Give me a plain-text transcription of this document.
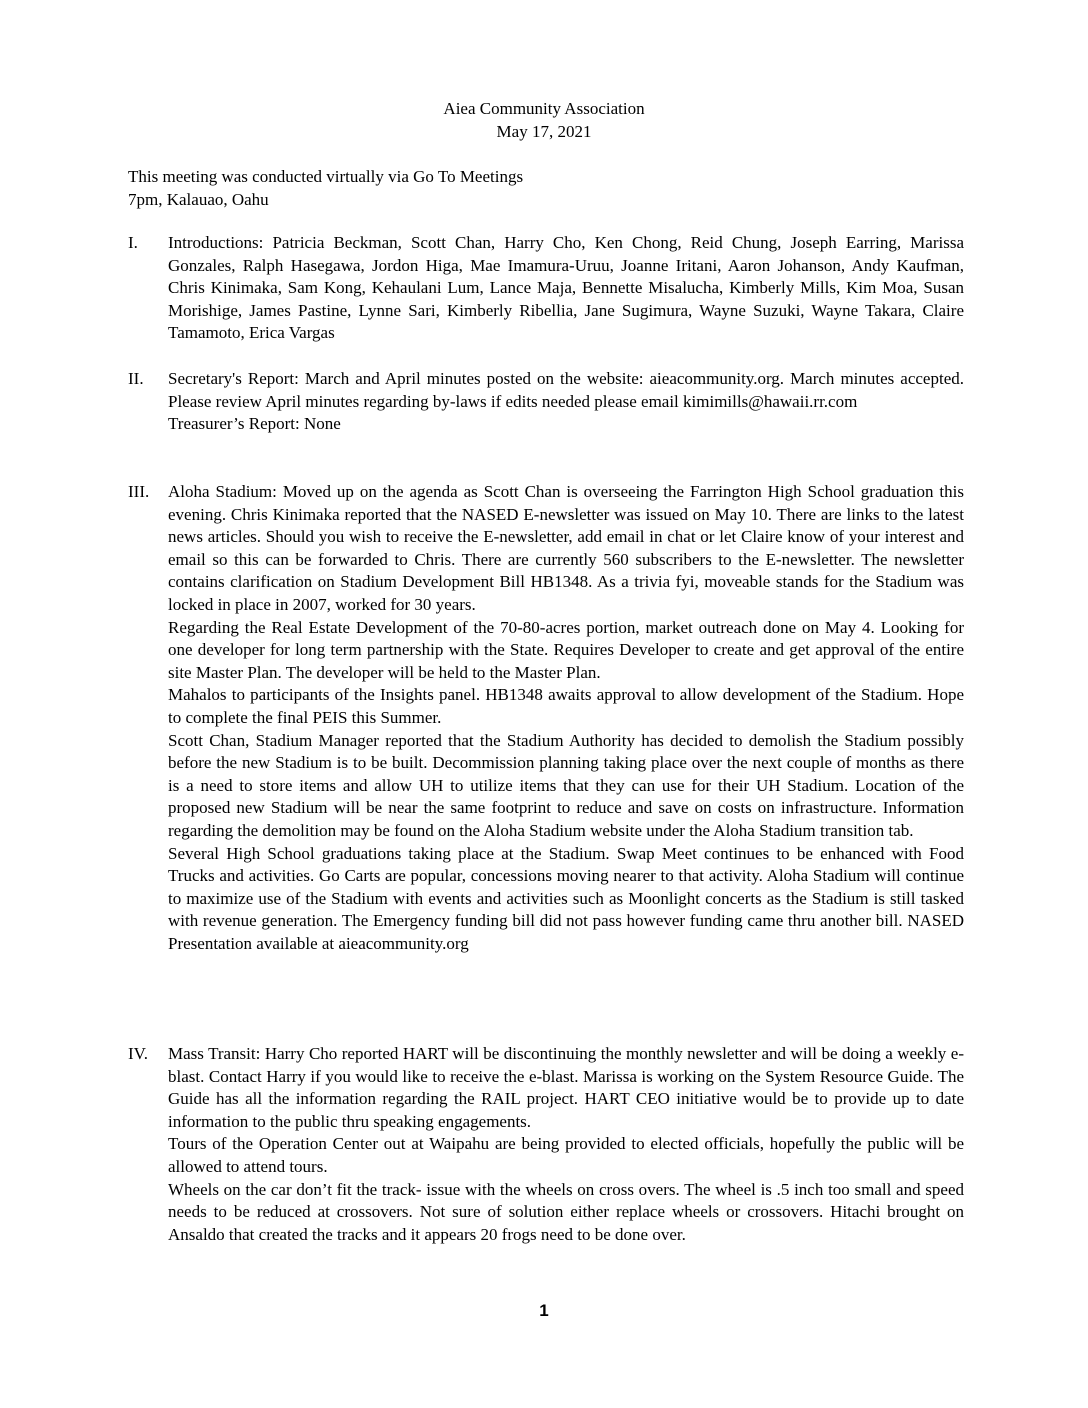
Aiea Community Association
May 17, 2021
This meeting was conducted virtually via Go To Meetings
7pm, Kalauao, Oahu
I.	Introductions: Patricia Beckman, Scott Chan, Harry Cho, Ken Chong, Reid Chung, Joseph Earring, Marissa Gonzales, Ralph Hasegawa, Jordon Higa, Mae Imamura-Uruu, Joanne Iritani, Aaron Johanson, Andy Kaufman, Chris Kinimaka, Sam Kong, Kehaulani Lum, Lance Maja, Bennette Misalucha, Kimberly Mills, Kim Moa, Susan Morishige, James Pastine, Lynne Sari, Kimberly Ribellia, Jane Sugimura, Wayne Suzuki, Wayne Takara, Claire Tamamoto, Erica Vargas

II.	Secretary's Report: March and April minutes posted on the website: aieacommunity.org. March minutes accepted. Please review April minutes regarding by-laws if edits needed please email kimimills@hawaii.rr.com

Treasurer’s Report: None

III.	Aloha Stadium: Moved up on the agenda as Scott Chan is overseeing the Farrington High School graduation this evening. Chris Kinimaka reported that the NASED E-newsletter was issued on May 10. There are links to the latest news articles. Should you wish to receive the E-newsletter, add email in chat or let Claire know of your interest and email so this can be forwarded to Chris. There are currently 560 subscribers to the E-newsletter. The newsletter contains clarification on Stadium Development Bill HB1348. As a trivia fyi, moveable stands for the Stadium was locked in place in 2007, worked for 30 years.

Regarding the Real Estate Development of the 70-80-acres portion, market outreach done on May 4. Looking for one developer for long term partnership with the State. Requires Developer to create and get approval of the entire site Master Plan. The developer will be held to the Master Plan.

Mahalos to participants of the Insights panel. HB1348 awaits approval to allow development of the Stadium. Hope to complete the final PEIS this Summer.

Scott Chan, Stadium Manager reported that the Stadium Authority has decided to demolish the Stadium possibly before the new Stadium is to be built. Decommission planning taking place over the next couple of months as there is a need to store items and allow UH to utilize items that they can use for their UH Stadium. Location of the proposed new Stadium will be near the same footprint to reduce and save on costs on infrastructure. Information regarding the demolition may be found on the Aloha Stadium website under the Aloha Stadium transition tab.

Several High School graduations taking place at the Stadium. Swap Meet continues to be enhanced with Food Trucks and activities. Go Carts are popular, concessions moving nearer to that activity. Aloha Stadium will continue to maximize use of the Stadium with events and activities such as Moonlight concerts as the Stadium is still tasked with revenue generation. The Emergency funding bill did not pass however funding came thru another bill. NASED Presentation available at aieacommunity.org

IV.	Mass Transit: Harry Cho reported HART will be discontinuing the monthly newsletter and will be doing a weekly e-blast. Contact Harry if you would like to receive the e-blast. Marissa is working on the System Resource Guide. The Guide has all the information regarding the RAIL project. HART CEO initiative would be to provide up to date information to the public thru speaking engagements.

Tours of the Operation Center out at Waipahu are being provided to elected officials, hopefully the public will be allowed to attend tours.

Wheels on the car don’t fit the track- issue with the wheels on cross overs. The wheel is .5 inch too small and speed needs to be reduced at crossovers. Not sure of solution either replace wheels or crossovers. Hitachi brought on Ansaldo that created the tracks and it appears 20 frogs need to be done over.

1
